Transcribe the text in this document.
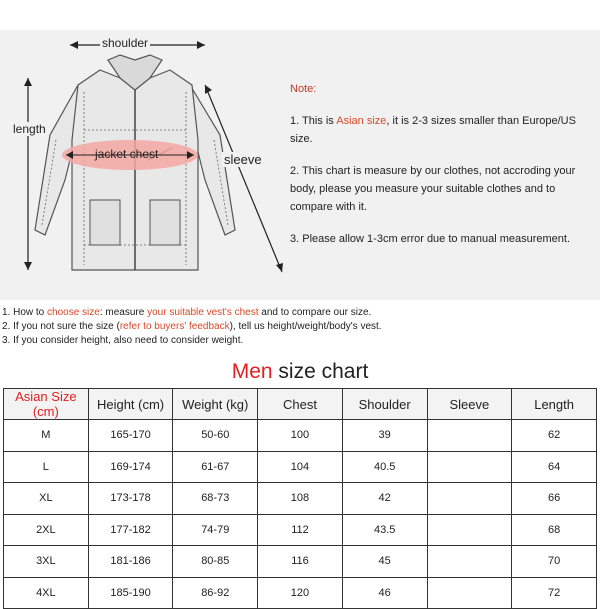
shoulder
length
jacket chest	sleeve
Note:

1. This is Asian size, it is 2-3 sizes smaller than Europe/US size.

2. This chart is measure by our clothes, not accroding your body, please you measure your suitable clothes and to compare with it.

3. Please allow 1-3cm error due to manual measurement.

1. How to choose size: measure your suitable vest's chest and to compare our size.
2. If you not sure the size (refer to buyers' feedback), tell us height/weight/body's vest.
3. If you consider height, also need to consider weight.
Men size chart
Asian Size (cm)	Height (cm)	Weight (kg)	Chest	Shoulder	Sleeve	Length
M	165-170	50-60	100	39		62
L	169-174	61-67	104	40.5		64
XL	173-178	68-73	108	42		66
2XL	177-182	74-79	112	43.5		68
3XL	181-186	80-85	116	45		70
4XL	185-190	86-92	120	46		72
